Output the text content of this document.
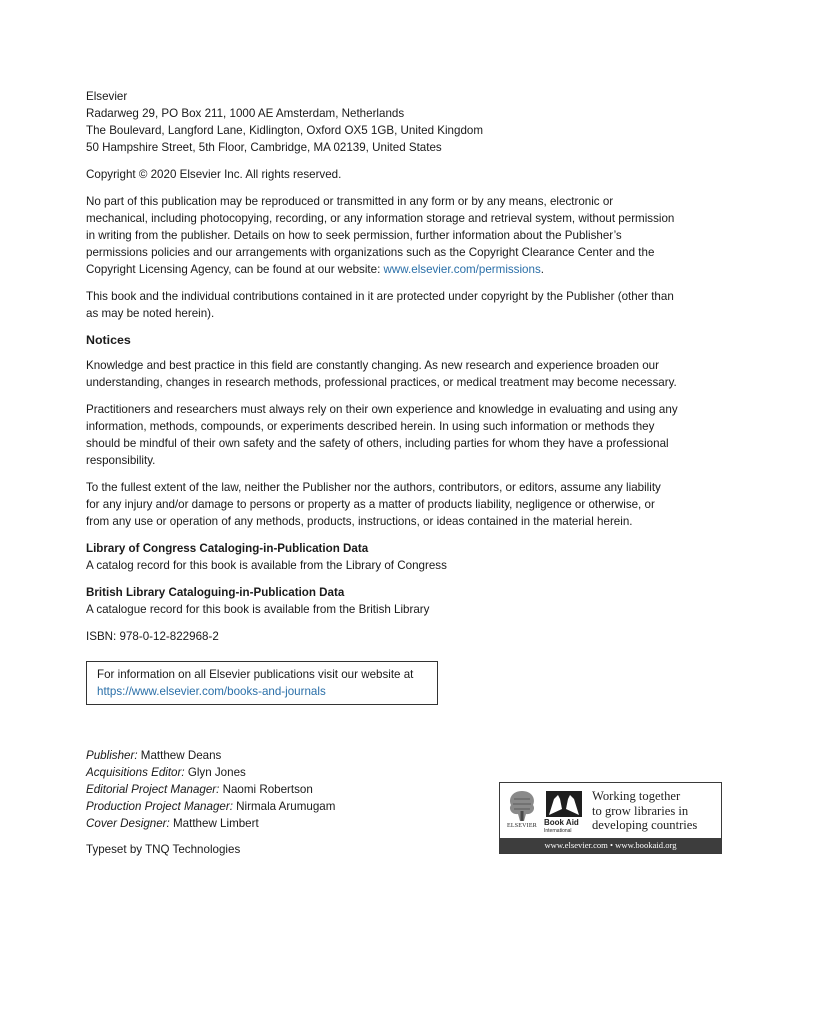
Elsevier
Radarweg 29, PO Box 211, 1000 AE Amsterdam, Netherlands
The Boulevard, Langford Lane, Kidlington, Oxford OX5 1GB, United Kingdom
50 Hampshire Street, 5th Floor, Cambridge, MA 02139, United States
Copyright © 2020 Elsevier Inc. All rights reserved.
No part of this publication may be reproduced or transmitted in any form or by any means, electronic or
mechanical, including photocopying, recording, or any information storage and retrieval system, without permission
in writing from the publisher. Details on how to seek permission, further information about the Publisher’s
permissions policies and our arrangements with organizations such as the Copyright Clearance Center and the
Copyright Licensing Agency, can be found at our website: www.elsevier.com/permissions.
This book and the individual contributions contained in it are protected under copyright by the Publisher (other than
as may be noted herein).
Notices
Knowledge and best practice in this field are constantly changing. As new research and experience broaden our
understanding, changes in research methods, professional practices, or medical treatment may become necessary.
Practitioners and researchers must always rely on their own experience and knowledge in evaluating and using any
information, methods, compounds, or experiments described herein. In using such information or methods they
should be mindful of their own safety and the safety of others, including parties for whom they have a professional
responsibility.
To the fullest extent of the law, neither the Publisher nor the authors, contributors, or editors, assume any liability
for any injury and/or damage to persons or property as a matter of products liability, negligence or otherwise, or
from any use or operation of any methods, products, instructions, or ideas contained in the material herein.
Library of Congress Cataloging-in-Publication Data
A catalog record for this book is available from the Library of Congress
British Library Cataloguing-in-Publication Data
A catalogue record for this book is available from the British Library
ISBN: 978-0-12-822968-2
For information on all Elsevier publications visit our website at
https://www.elsevier.com/books-and-journals
Publisher: Matthew Deans
Acquisitions Editor: Glyn Jones
Editorial Project Manager: Naomi Robertson
Production Project Manager: Nirmala Arumugam
Cover Designer: Matthew Limbert
Typeset by TNQ Technologies
ELSEVIER Book Aid
International
Working together
to grow libraries in
developing countries
www.elsevier.com • www.bookaid.org
